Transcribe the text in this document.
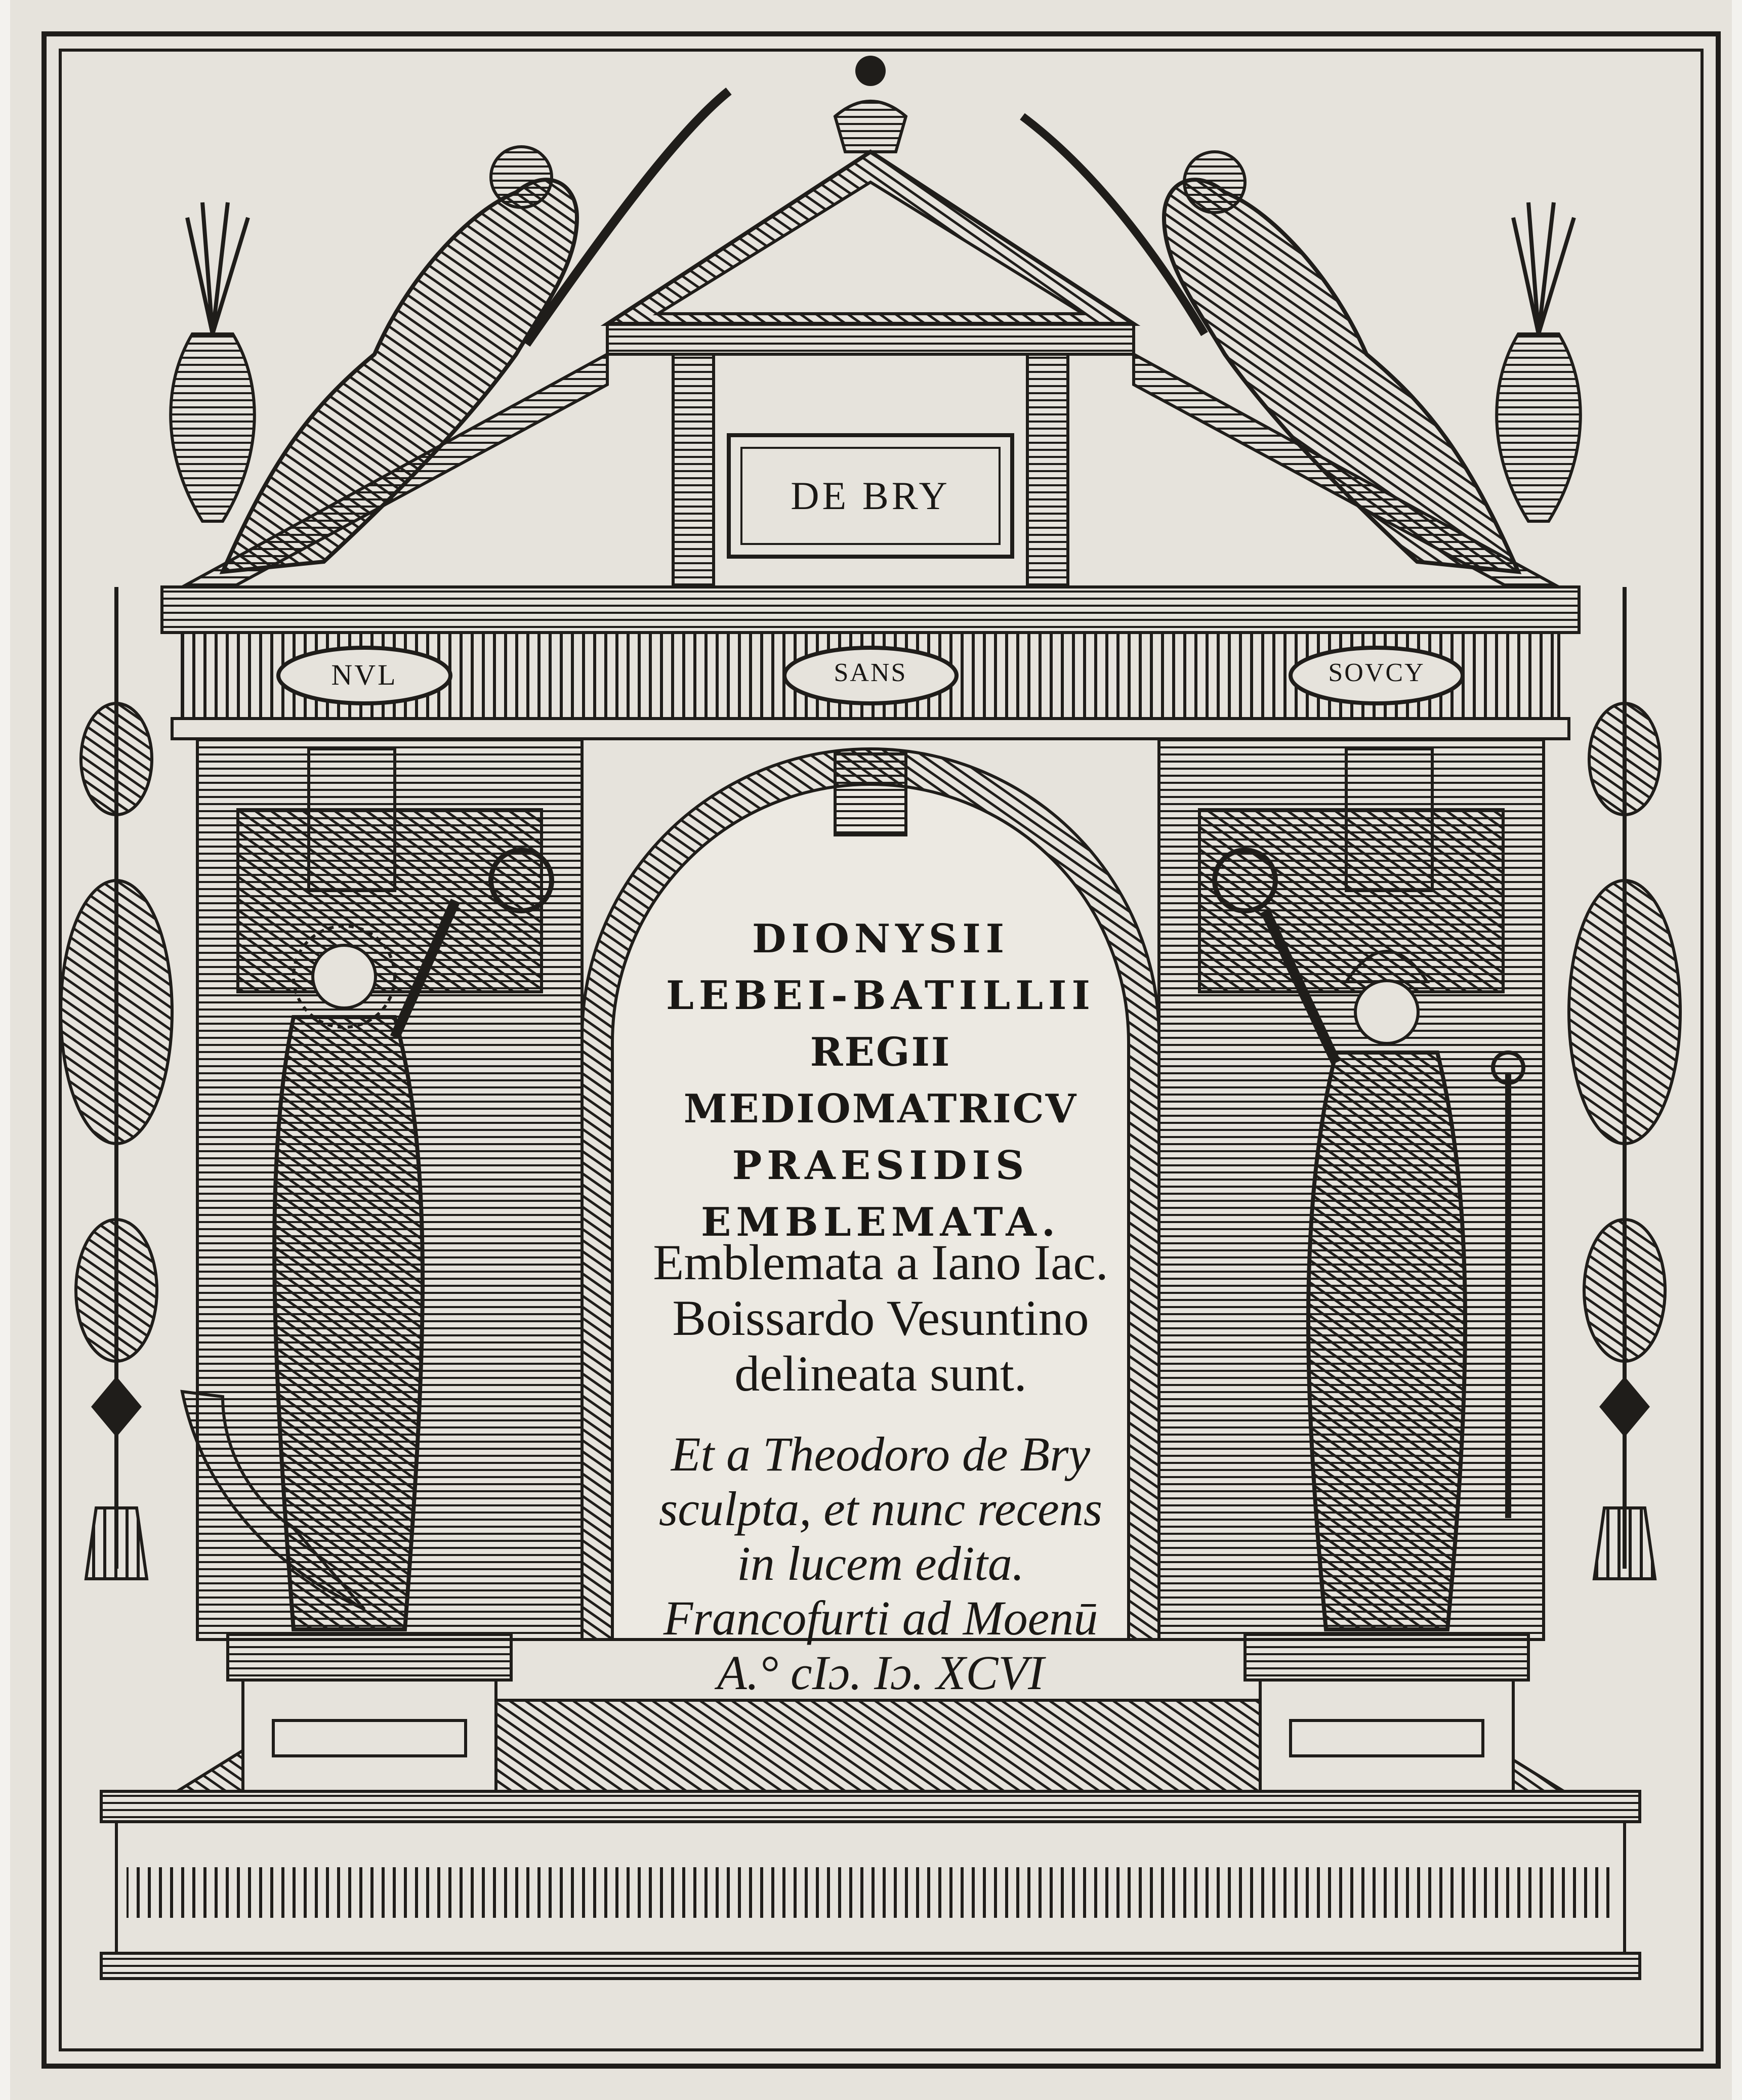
DE BRY
NVL	SANS	SOVCY
DIONYSII
LEBEI-BATILLII
REGII MEDIOMATRICV
PRAESIDIS
EMBLEMATA.
Emblemata a Iano Iac.
Boissardo Vesuntino
delineata sunt.
Et a Theodoro de Bry
sculpta, et nunc recens
in lucem edita.
Francofurti ad Moenū
A.° cIɔ. Iɔ. XCVI
